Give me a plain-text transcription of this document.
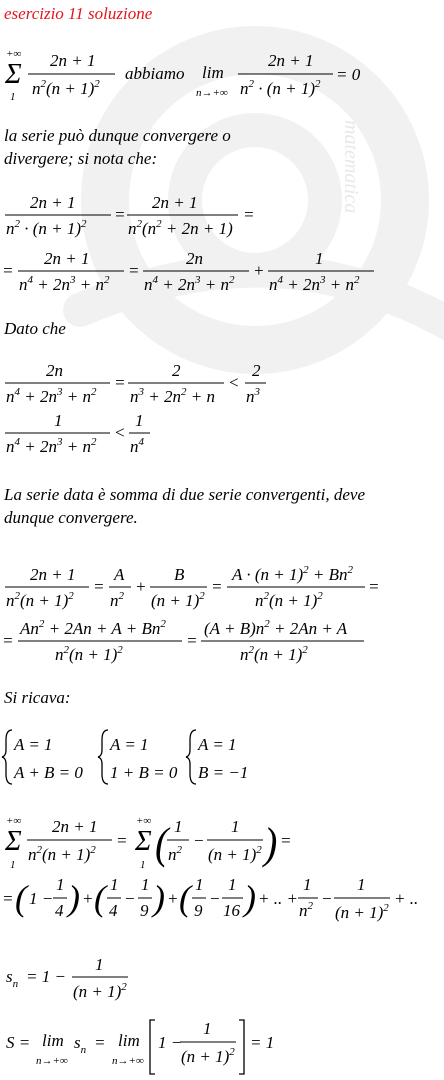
matematica
esercizio 11 soluzione
+∞
Σ
1
2n + 1
$n^2(n + 1)^2$
abbiamo lim
n→+∞
2n + 1
$n^2 \cdot (n + 1)^2 = 0$
la serie può dunque convergere o
divergere; si nota che:
2n + 1
$n^2 \cdot (n + 1)^2$ =
2n + 1
$n^2(n^2 + 2n + 1)$
=
=
2n + 1
$n^4 + 2n^3 + n^2$ =
2n
$n^4 + 2n^3 + n^2$ +
1
$n^4 + 2n^3 + n^2$
Dato che
2n
$n^4 + 2n^3 + n^2$ =
2
$n^3 + 2n^2 + n$
<
2
$n^3$
1
$n^4 + 2n^3 + n^2$ <
1
$n^4$
La serie data è somma di due serie convergenti, deve
dunque convergere.
2n + 1
$n^2(n + 1)^2$ =
A
$n^2$ +
B
$(n + 1)^2$ =
$A \cdot (n + 1)^2 + Bn^2$
$n^2(n + 1)^2$	=
=
$An^2 + 2An + A + Bn^2$
$n^2(n + 1)^2$	=
$(A + B)n^2 + 2An + A$
$n^2(n + 1)^2$
Si ricava:
A = 1
A + B = 0
A = 1
1 + B = 0
A = 1
B = −1
+∞
Σ
1
2n + 1
$n^2(n + 1)^2$ =
+∞
Σ
1 ( 1
$n^2$ −
1
$(n + 1)^2$ ) =
= ( 1 −
1
4 ) + ( 1
4
−
1
9 ) + ( 1
9
−
1
16 ) + .. +
1
$n^2$ −
1
$(n + 1)^2$ + ..
$s_n = 1$ −
1
$(n + 1)^2$
S = lim
n→+∞
$s_n = \lim$
n→+∞
1 −
1
$(n + 1)^2 = 1$
